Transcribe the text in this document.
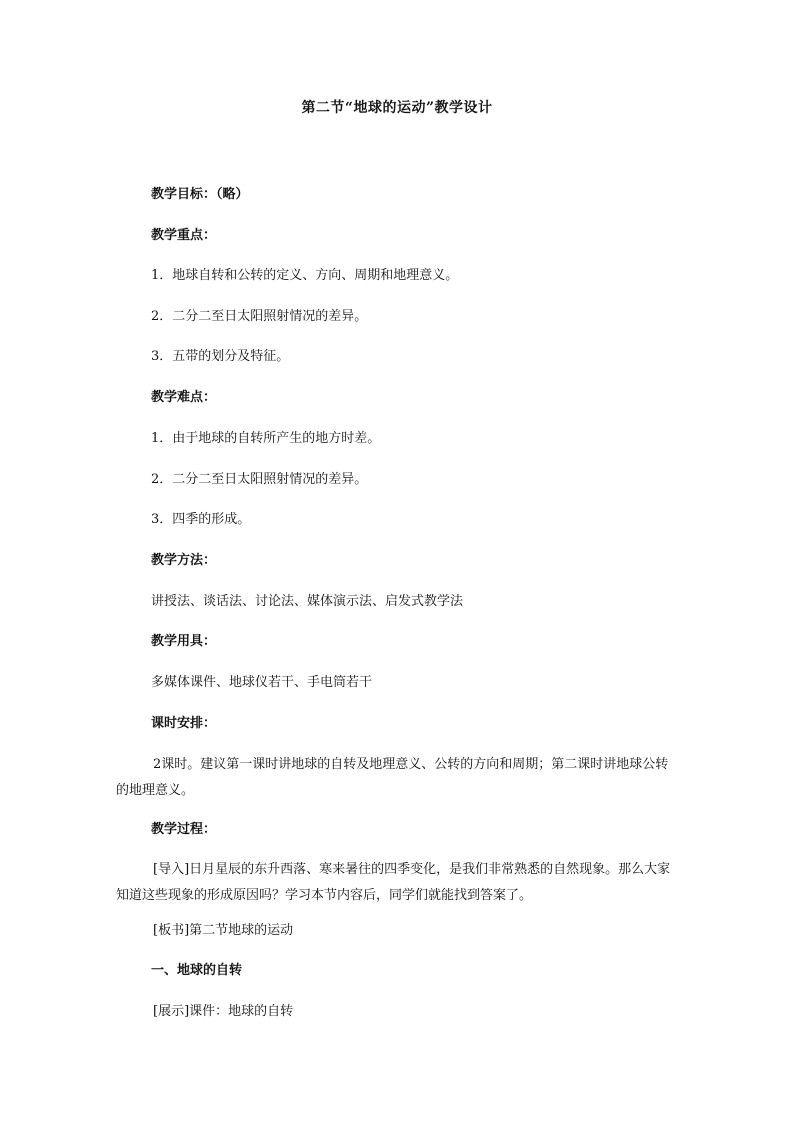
第二节“地球的运动”教学设计
教学目标：（略）
教学重点：
1．地球自转和公转的定义、方向、周期和地理意义。
2．二分二至日太阳照射情况的差异。
3．五带的划分及特征。
教学难点：
1．由于地球的自转所产生的地方时差。
2．二分二至日太阳照射情况的差异。
3．四季的形成。
教学方法：
讲授法、谈话法、讨论法、媒体演示法、启发式教学法
教学用具：
多媒体课件、地球仪若干、手电筒若干
课时安排：
2课时。建议第一课时讲地球的自转及地理意义、公转的方向和周期；第二课时讲地球公转的地理意义。
教学过程：
[导入]日月星辰的东升西落、寒来暑往的四季变化，是我们非常熟悉的自然现象。那么大家知道这些现象的形成原因吗？学习本节内容后，同学们就能找到答案了。
[板书]第二节地球的运动
一、地球的自转
[展示]课件：地球的自转
